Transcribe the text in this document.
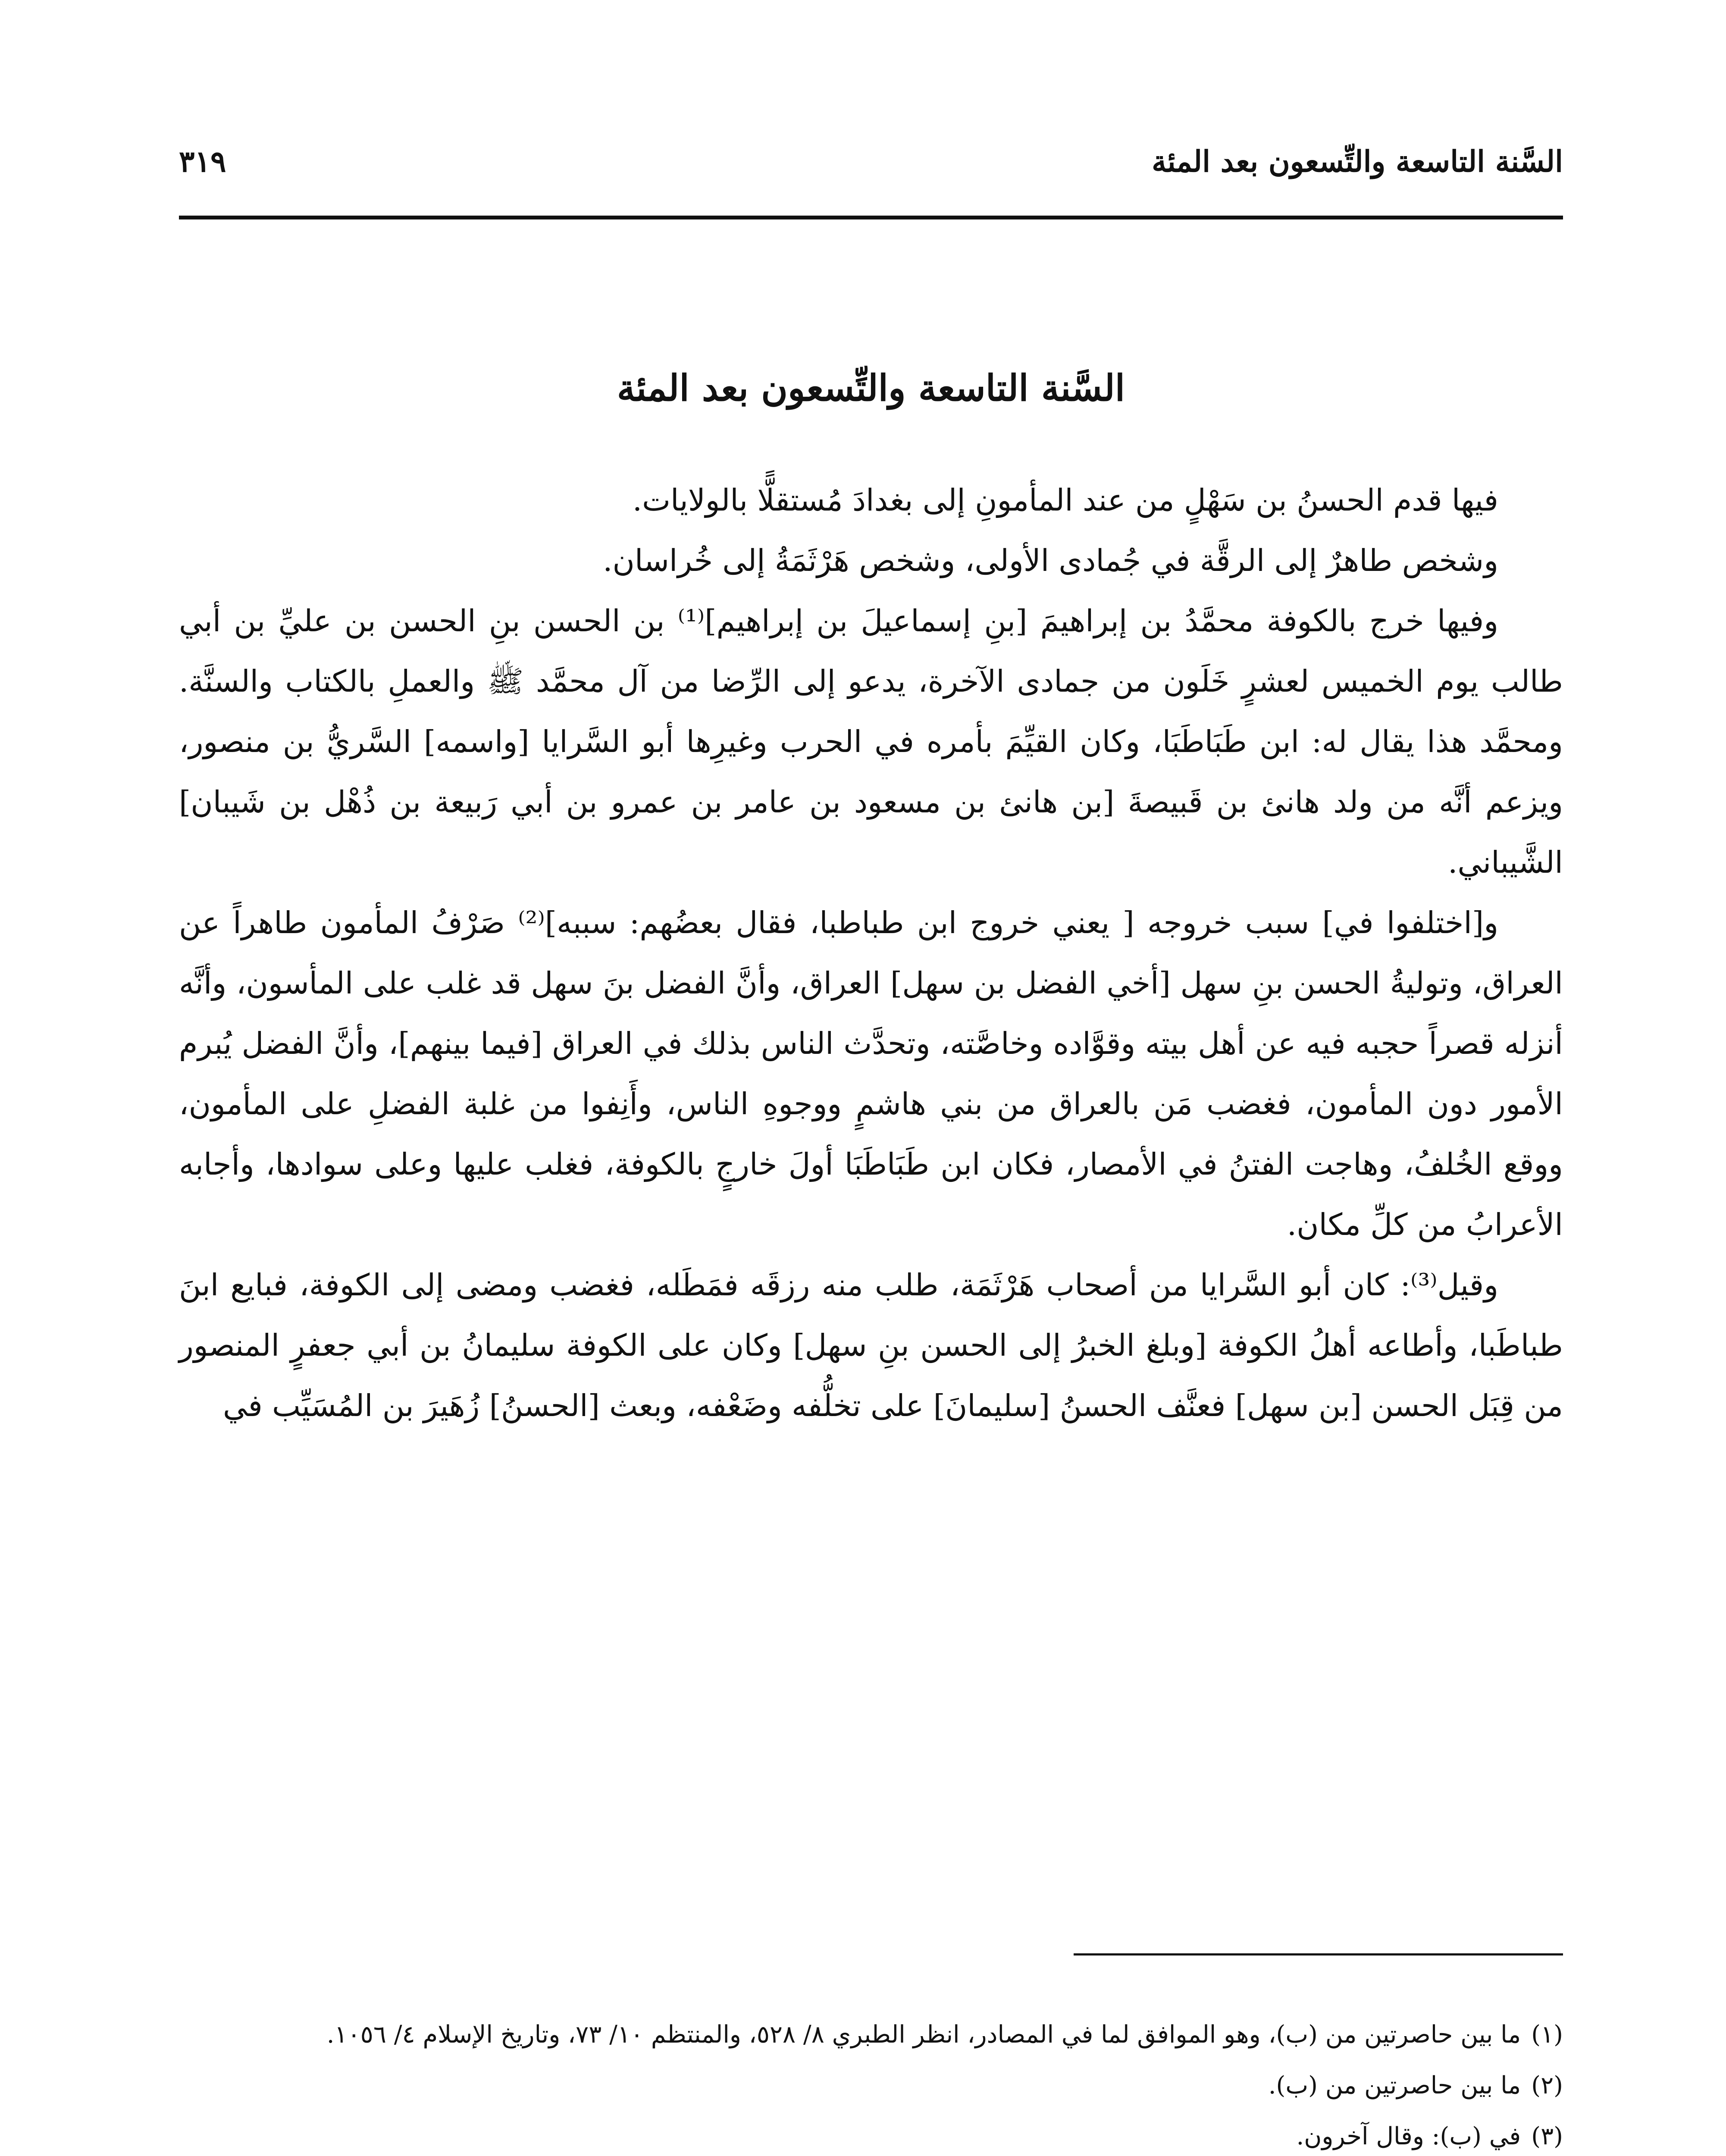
السَّنة التاسعة والتِّسعون بعد المئة
٣١٩
السَّنة التاسعة والتِّسعون بعد المئة

فيها قدم الحسنُ بن سَهْلٍ من عند المأمونِ إلى بغدادَ مُستقلًّا بالولايات.

وشخص طاهرٌ إلى الرقَّة في جُمادى الأولى، وشخص هَرْثَمَةُ إلى خُراسان.

وفيها خرج بالكوفة محمَّدُ بن إبراهيمَ [بنِ إسماعيلَ بن إبراهيم]⁽¹⁾ بن الحسن بنِ الحسن بن عليِّ بن أبي طالب يوم الخميس لعشرٍ خَلَون من جمادى الآخرة، يدعو إلى الرِّضا من آل محمَّد ﷺ والعملِ بالكتاب والسنَّة. ومحمَّد هذا يقال له: ابن طَبَاطَبَا، وكان القيِّمَ بأمره في الحرب وغيرِها أبو السَّرايا [واسمه] السَّريُّ بن منصور، ويزعم أنَّه من ولد هانئ بن قَبيصةَ [بن هانئ بن مسعود بن عامر بن عمرو بن أبي رَبيعة بن ذُهْل بن شَيبان] الشَّيباني.

و[اختلفوا في] سبب خروجه [ يعني خروج ابن طباطبا، فقال بعضُهم: سببه]⁽²⁾ صَرْفُ المأمون طاهراً عن العراق، وتوليةُ الحسن بنِ سهل [أخي الفضل بن سهل] العراق، وأنَّ الفضل بنَ سهل قد غلب على المأسون، وأنَّه أنزله قصراً حجبه فيه عن أهل بيته وقوَّاده وخاصَّته، وتحدَّث الناس بذلك في العراق [فيما بينهم]، وأنَّ الفضل يُبرم الأمور دون المأمون، فغضب مَن بالعراق من بني هاشمٍ ووجوهِ الناس، وأَنِفوا من غلبة الفضلِ على المأمون، ووقع الخُلفُ، وهاجت الفتنُ في الأمصار، فكان ابن طَبَاطَبَا أولَ خارجٍ بالكوفة، فغلب عليها وعلى سوادها، وأجابه الأعرابُ من كلِّ مكان.

وقيل⁽³⁾: كان أبو السَّرايا من أصحاب هَرْثَمَة، طلب منه رزقَه فمَطَله، فغضب ومضى إلى الكوفة، فبايع ابنَ طباطَبا، وأطاعه أهلُ الكوفة [وبلغ الخبرُ إلى الحسن بنِ سهل] وكان على الكوفة سليمانُ بن أبي جعفرٍ المنصور من قِبَل الحسن [بن سهل] فعنَّف الحسنُ [سليمانَ] على تخلُّفه وضَعْفه، وبعث [الحسنُ] زُهَيرَ بن المُسَيِّب في

(١)ما بين حاصرتين من (ب)، وهو الموافق لما في المصادر، انظر الطبري ٨/ ٥٢٨، والمنتظم ١٠/ ٧٣، وتاريخ الإسلام ٤/ ١٠٥٦.

(٢)ما بين حاصرتين من (ب).

(٣)في (ب): وقال آخرون.
